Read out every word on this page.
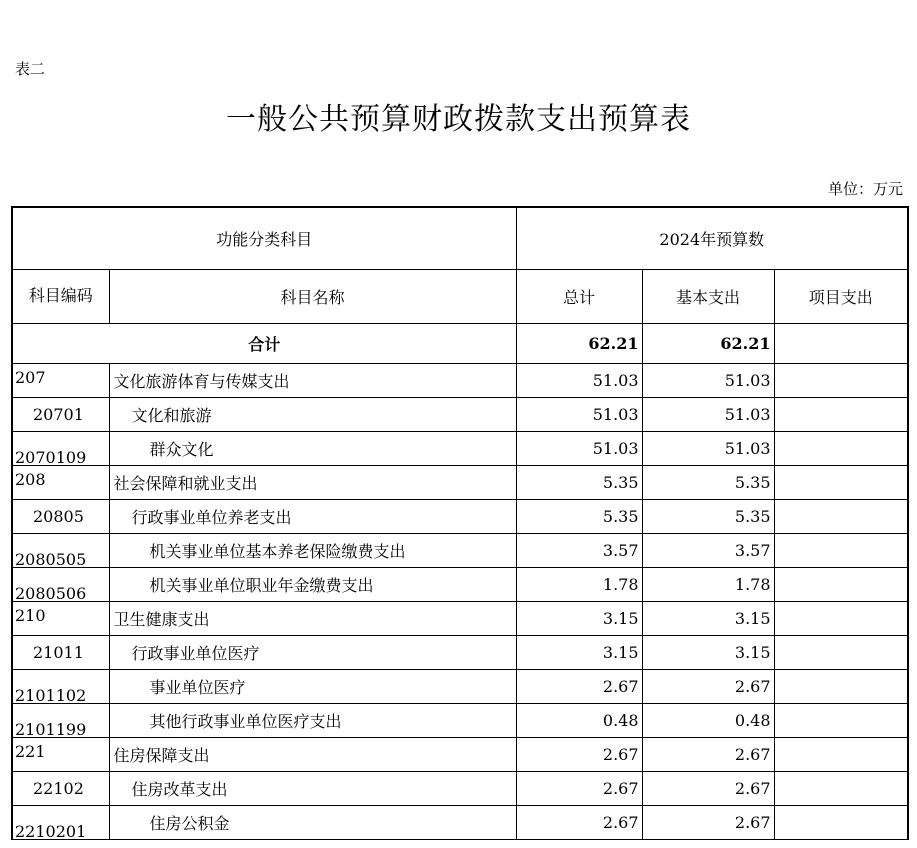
表二
一般公共预算财政拨款支出预算表
单位：万元
功能分类科目		2024年预算数		
科目编码	科目名称	总计	基本支出	项目支出
合计		62.21	62.21	
207	文化旅游体育与传媒支出	51.03	51.03	
20701	文化和旅游	51.03	51.03	
2070109	群众文化	51.03	51.03	
208	社会保障和就业支出	5.35	5.35	
20805	行政事业单位养老支出	5.35	5.35	
2080505	机关事业单位基本养老保险缴费支出	3.57	3.57	
2080506	机关事业单位职业年金缴费支出	1.78	1.78	
210	卫生健康支出	3.15	3.15	
21011	行政事业单位医疗	3.15	3.15	
2101102	事业单位医疗	2.67	2.67	
2101199	其他行政事业单位医疗支出	0.48	0.48	
221	住房保障支出	2.67	2.67	
22102	住房改革支出	2.67	2.67	
2210201	住房公积金	2.67	2.67	
